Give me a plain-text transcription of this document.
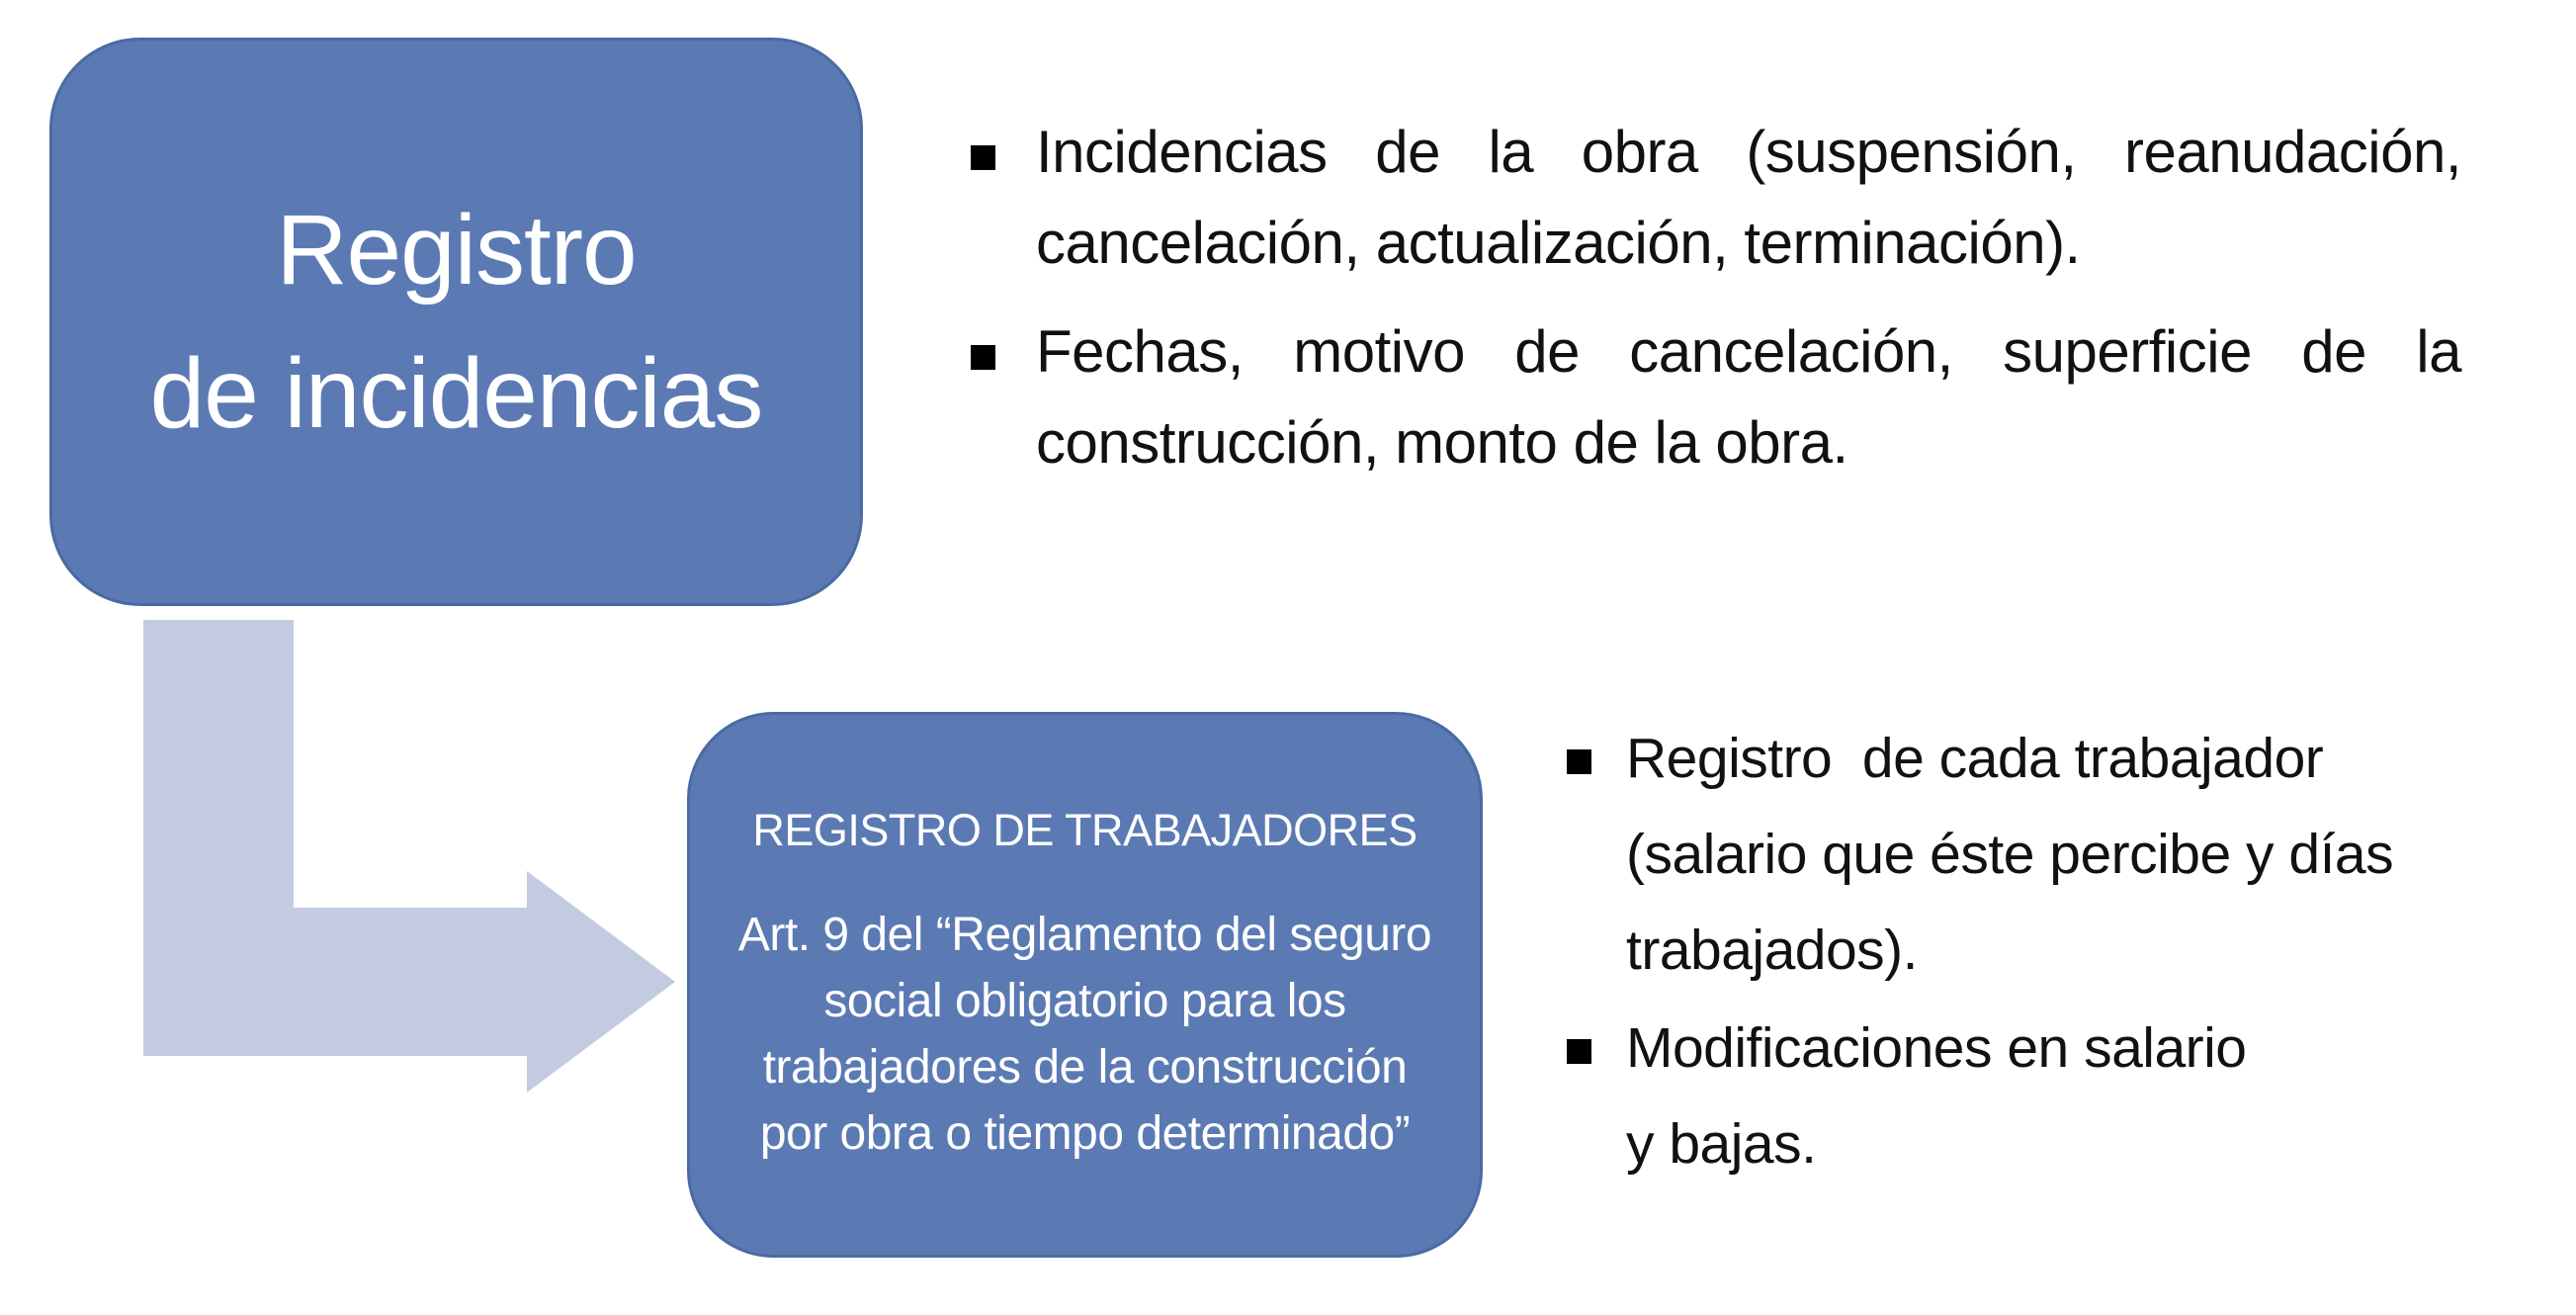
Registro
de incidencias
REGISTRO DE TRABAJADORES
Art. 9 del “Reglamento del seguro
social obligatorio para los
trabajadores de la construcción
por obra o tiempo determinado”
Incidencias de la obra (suspensión, reanudación,
cancelación, actualización, terminación).
Fechas, motivo de cancelación, superficie de la
construcción, monto de la obra.
Registro  de cada trabajador
(salario que éste percibe y días
trabajados).
Modificaciones en salario
y bajas.
